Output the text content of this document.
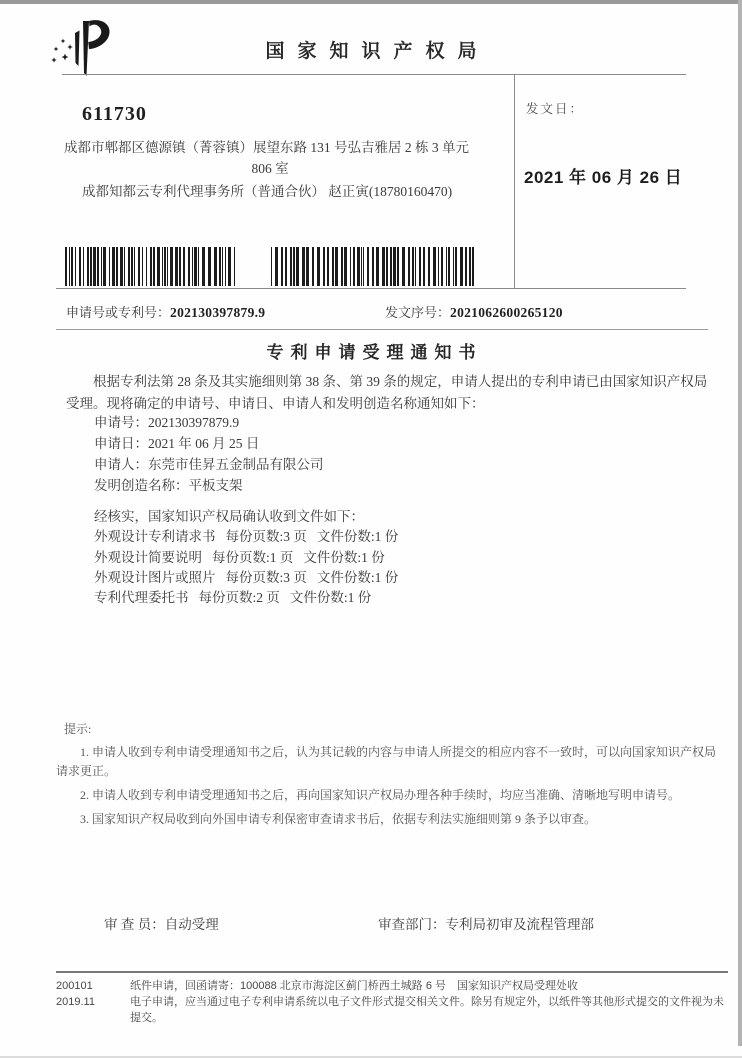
国家知识产权局
611730
成都市郫都区德源镇（菁蓉镇）展望东路 131 号弘吉雅居 2 栋 3 单元
806 室
成都知都云专利代理事务所（普通合伙） 赵正寅(18780160470)
发文日：
2021 年 06 月 26 日
申请号或专利号：202130397879.9	发文序号：2021062600265120
专利申请受理通知书
根据专利法第 28 条及其实施细则第 38 条、第 39 条的规定，申请人提出的专利申请已由国家知识产权局受理。现将确定的申请号、申请日、申请人和发明创造名称通知如下：
申请号：202130397879.9
申请日：2021 年 06 月 25 日
申请人：东莞市佳昇五金制品有限公司
发明创造名称：平板支架
经核实，国家知识产权局确认收到文件如下：
外观设计专利请求书 每份页数:3 页 文件份数:1 份
外观设计简要说明 每份页数:1 页 文件份数:1 份
外观设计图片或照片 每份页数:3 页 文件份数:1 份
专利代理委托书 每份页数:2 页 文件份数:1 份
提示:
1. 申请人收到专利申请受理通知书之后，认为其记载的内容与申请人所提交的相应内容不一致时，可以向国家知识产权局请求更正。
2. 申请人收到专利申请受理通知书之后，再向国家知识产权局办理各种手续时，均应当准确、清晰地写明申请号。
3. 国家知识产权局收到向外国申请专利保密审查请求书后，依据专利法实施细则第 9 条予以审查。
审 查 员：自动受理	审查部门：专利局初审及流程管理部
200101
2019.11
纸件申请，回函请寄：100088 北京市海淀区蓟门桥西土城路 6 号　国家知识产权局受理处收
电子申请，应当通过电子专利申请系统以电子文件形式提交相关文件。除另有规定外，以纸件等其他形式提交的文件视为未提交。
